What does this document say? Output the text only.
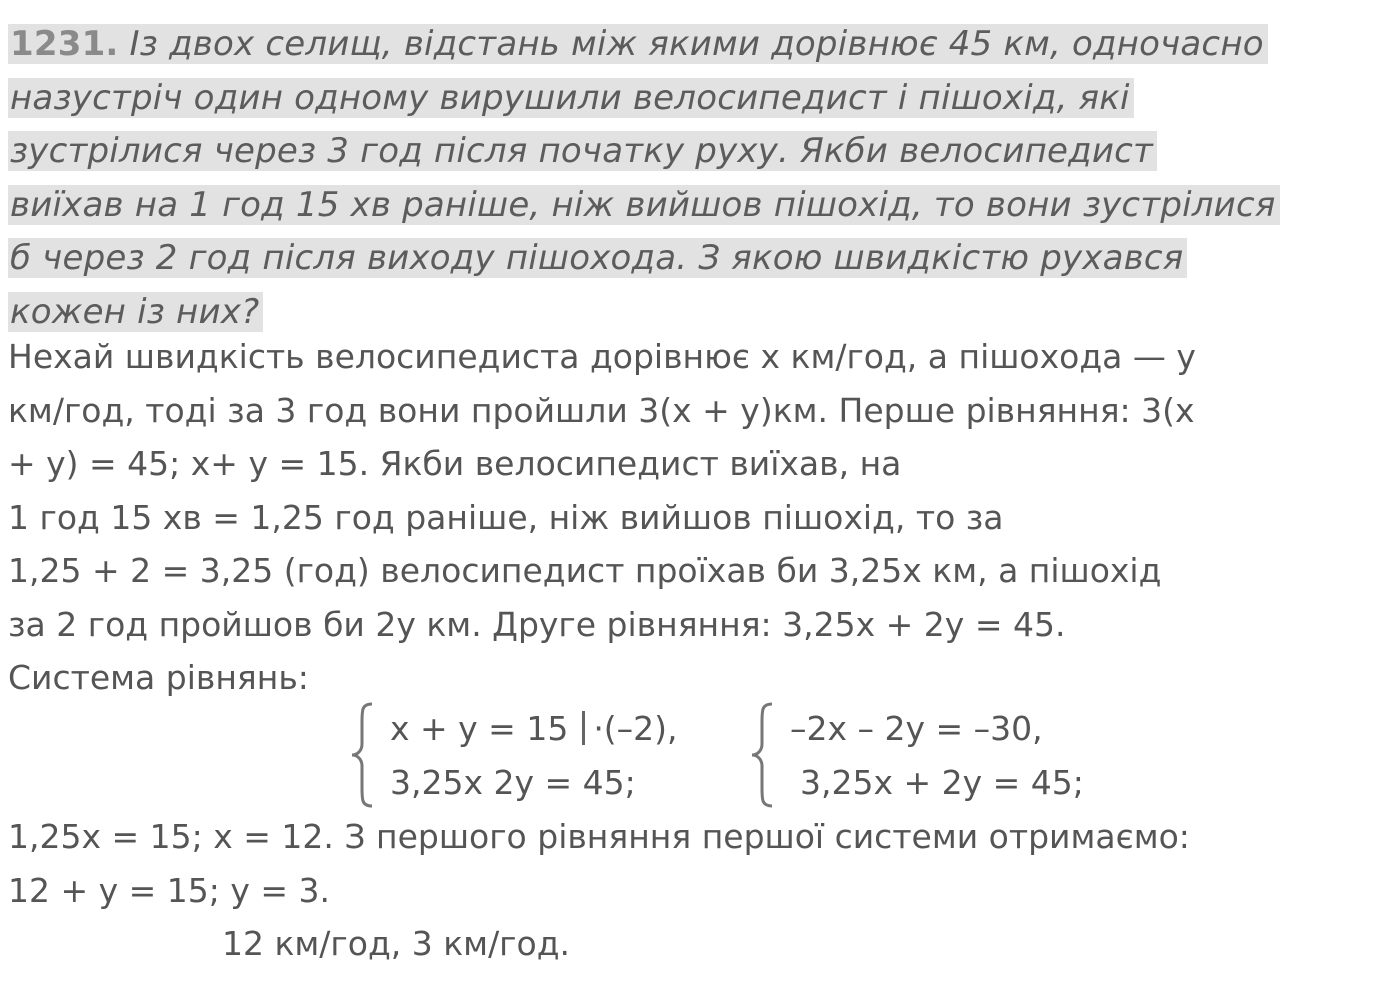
1231. Із двох селищ, відстань між якими дорівнює 45 км, одночасно
назустріч один одному вирушили велосипедист і пішохід, які
зустрілися через 3 год після початку руху. Якби велосипедист
виїхав на 1 год 15 хв раніше, ніж вийшов пішохід, то вони зустрілися
б через 2 год після виходу пішохода. З якою швидкістю рухався
кожен із них?
Нехай швидкість велосипедиста дорівнює х км/год, а пішохода — у
км/год, тоді за 3 год вони пройшли 3(х + у)км. Перше рівняння: 3(х
+ у) = 45; х+ у = 15. Якби велосипедист виїхав, на
1 год 15 хв = 1,25 год раніше, ніж вийшов пішохід, то за
1,25 + 2 = 3,25 (год) велосипедист проїхав би 3,25х км, а пішохід
за 2 год пройшов би 2у км. Друге рівняння: 3,25х + 2у = 45.
Система рівнянь:
х + у = 15 ·(–2),
3,25х 2у = 45;
–2х – 2у = –30,
3,25х + 2у = 45;
1,25х = 15; х = 12. З першого рівняння першої системи отримаємо:
12 + у = 15; у = 3.
12 км/год, 3 км/год.
